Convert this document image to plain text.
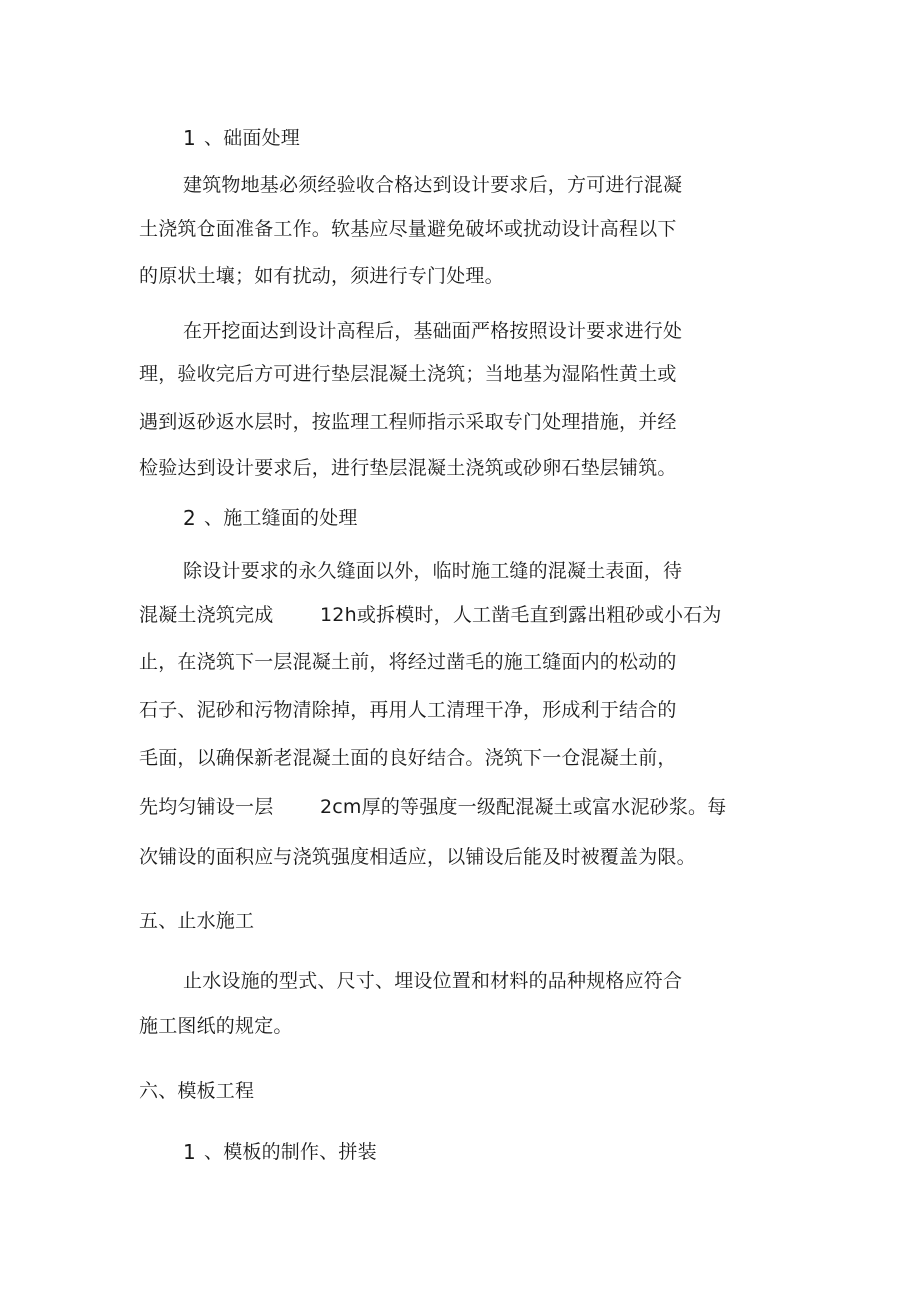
1 、础面处理
建筑物地基必须经验收合格达到设计要求后，方可进行混凝
土浇筑仓面准备工作。软基应尽量避免破坏或扰动设计高程以下
的原状土壤；如有扰动，须进行专门处理。
在开挖面达到设计高程后，基础面严格按照设计要求进行处
理，验收完后方可进行垫层混凝土浇筑；当地基为湿陷性黄土或
遇到返砂返水层时，按监理工程师指示采取专门处理措施，并经
检验达到设计要求后，进行垫层混凝土浇筑或砂卵石垫层铺筑。
2 、施工缝面的处理
除设计要求的永久缝面以外，临时施工缝的混凝土表面，待
混凝土浇筑完成 12h或拆模时，人工凿毛直到露出粗砂或小石为
止，在浇筑下一层混凝土前，将经过凿毛的施工缝面内的松动的
石子、泥砂和污物清除掉，再用人工清理干净，形成利于结合的
毛面，以确保新老混凝土面的良好结合。浇筑下一仓混凝土前，
先均匀铺设一层 2cm厚的等强度一级配混凝土或富水泥砂浆。每
次铺设的面积应与浇筑强度相适应，以铺设后能及时被覆盖为限。
五、止水施工
止水设施的型式、尺寸、埋设位置和材料的品种规格应符合
施工图纸的规定。
六、模板工程
1 、模板的制作、拼装
